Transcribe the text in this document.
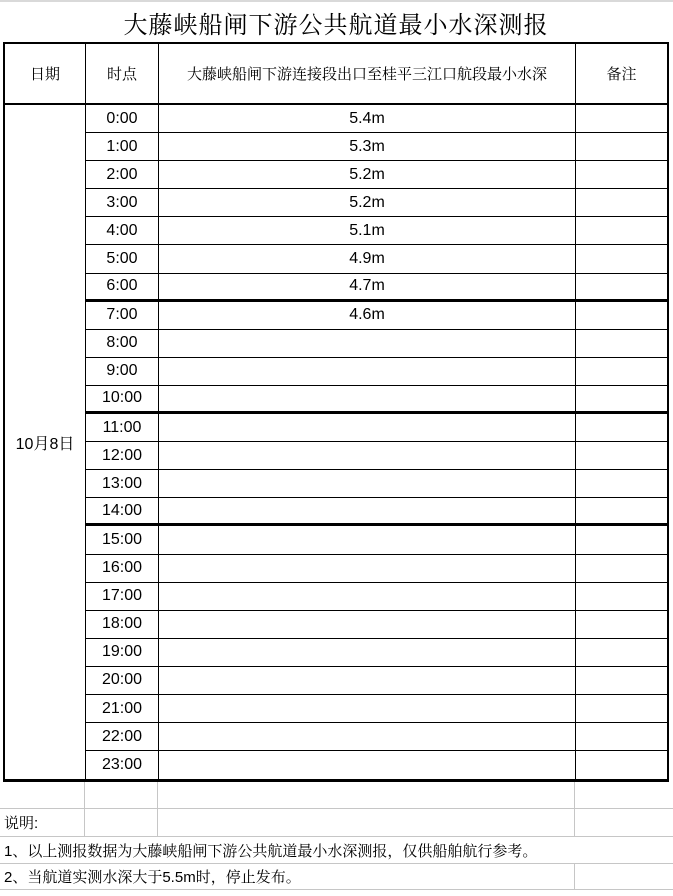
大藤峡船闸下游公共航道最小水深测报
日期	时点	大藤峡船闸下游连接段出口至桂平三江口航段最小水深	备注
10月8日
0:00	5.4m
1:00	5.3m
2:00	5.2m
3:00	5.2m
4:00	5.1m
5:00	4.9m
6:00	4.7m
7:00	4.6m
8:00
9:00
10:00
11:00
12:00
13:00
14:00
15:00
16:00
17:00
18:00
19:00
20:00
21:00
22:00
23:00
说明:
1、以上测报数据为大藤峡船闸下游公共航道最小水深测报，仅供船舶航行参考。
2、当航道实测水深大于5.5m时，停止发布。
